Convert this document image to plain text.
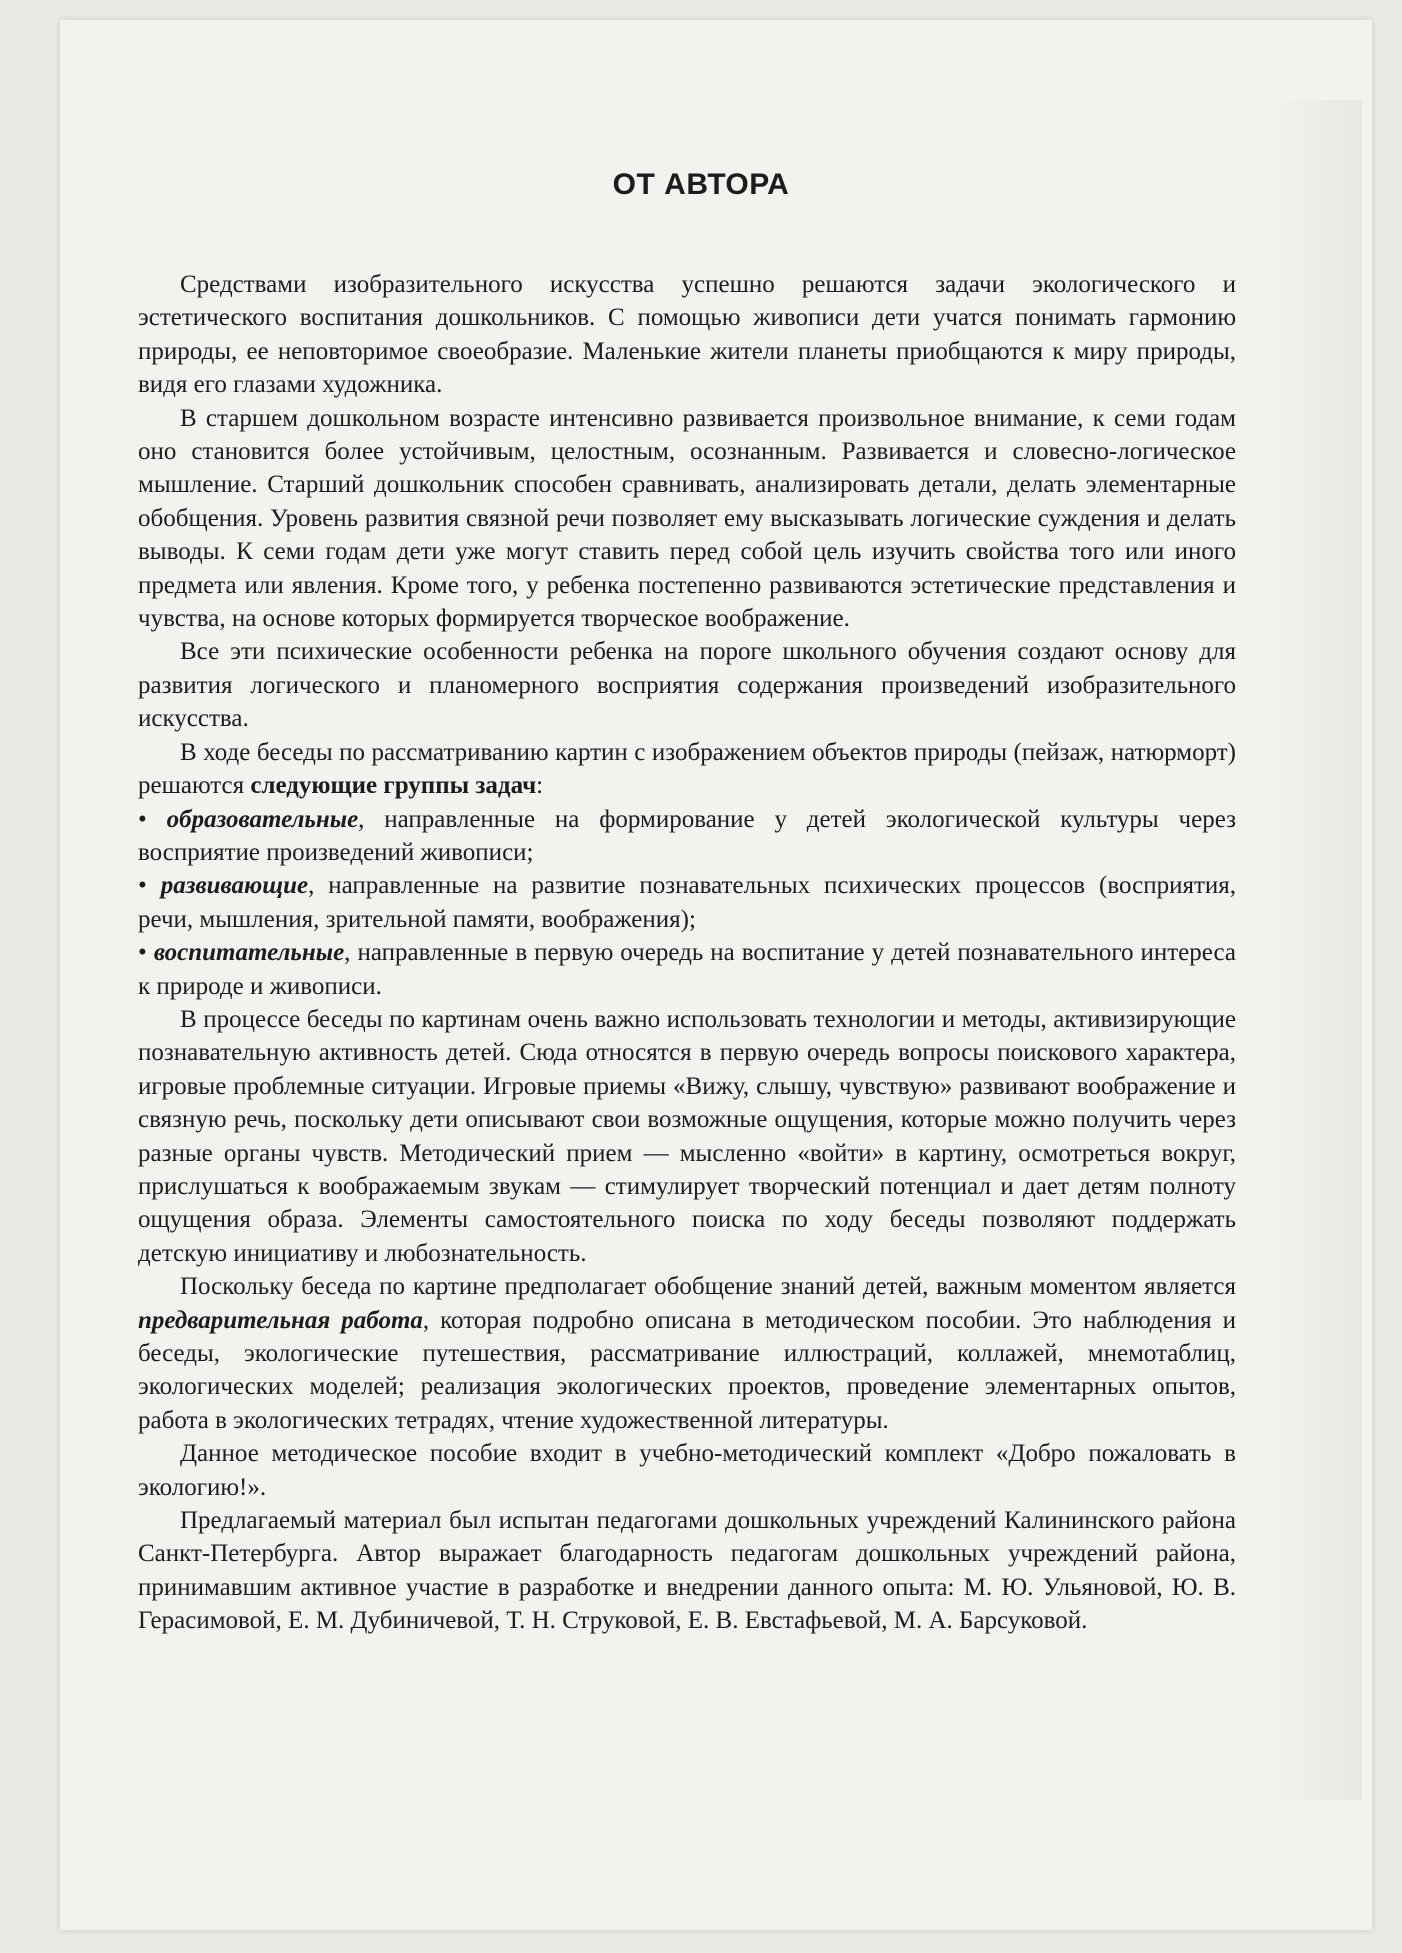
ОТ АВТОРА

Средствами изобразительного искусства успешно решаются задачи экологического и эстетического воспитания дошкольников. С помощью живописи дети учатся понимать гармонию природы, ее неповторимое своеобразие. Маленькие жители планеты приобщаются к миру природы, видя его глазами художника.

В старшем дошкольном возрасте интенсивно развивается произвольное внимание, к семи годам оно становится более устойчивым, целостным, осознанным. Развивается и словесно-логическое мышление. Старший дошкольник способен сравнивать, анализировать детали, делать элементарные обобщения. Уровень развития связной речи позволяет ему высказывать логические суждения и делать выводы. К семи годам дети уже могут ставить перед собой цель изучить свойства того или иного предмета или явления. Кроме того, у ребенка постепенно развиваются эстетические представления и чувства, на основе которых формируется творческое воображение.

Все эти психические особенности ребенка на пороге школьного обучения создают основу для развития логического и планомерного восприятия содержания произведений изобразительного искусства.

В ходе беседы по рассматриванию картин с изображением объектов природы (пейзаж, натюрморт) решаются следующие группы задач:

• образовательные, направленные на формирование у детей экологической культуры через восприятие произведений живописи;
• развивающие, направленные на развитие познавательных психических процессов (восприятия, речи, мышления, зрительной памяти, воображения);
• воспитательные, направленные в первую очередь на воспитание у детей познавательного интереса к природе и живописи.

В процессе беседы по картинам очень важно использовать технологии и методы, активизирующие познавательную активность детей. Сюда относятся в первую очередь вопросы поискового характера, игровые проблемные ситуации. Игровые приемы «Вижу, слышу, чувствую» развивают воображение и связную речь, поскольку дети описывают свои возможные ощущения, которые можно получить через разные органы чувств. Методический прием — мысленно «войти» в картину, осмотреться вокруг, прислушаться к воображаемым звукам — стимулирует творческий потенциал и дает детям полноту ощущения образа. Элементы самостоятельного поиска по ходу беседы позволяют поддержать детскую инициативу и любознательность.

Поскольку беседа по картине предполагает обобщение знаний детей, важным моментом является предварительная работа, которая подробно описана в методическом пособии. Это наблюдения и беседы, экологические путешествия, рассматривание иллюстраций, коллажей, мнемотаблиц, экологических моделей; реализация экологических проектов, проведение элементарных опытов, работа в экологических тетрадях, чтение художественной литературы.

Данное методическое пособие входит в учебно-методический комплект «Добро пожаловать в экологию!».

Предлагаемый материал был испытан педагогами дошкольных учреждений Калининского района Санкт-Петербурга. Автор выражает благодарность педагогам дошкольных учреждений района, принимавшим активное участие в разработке и внедрении данного опыта: М. Ю. Ульяновой, Ю. В. Герасимовой, Е. М. Дубиничевой, Т. Н. Струковой, Е. В. Евстафьевой, М. А. Барсуковой.
